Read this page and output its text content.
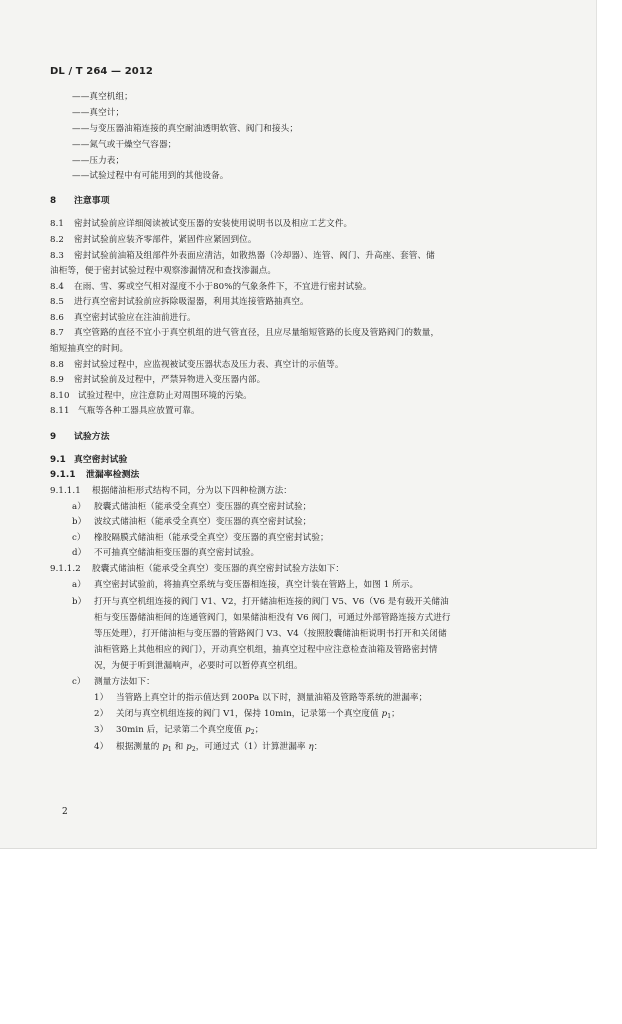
DL / T 264 — 2012
——真空机组；
——真空计；
——与变压器油箱连接的真空耐油透明软管、阀门和接头；
——氮气或干燥空气容器；
——压力表；
——试验过程中有可能用到的其他设备。
8 注意事项
8.1 密封试验前应详细阅读被试变压器的安装使用说明书以及相应工艺文件。
8.2 密封试验前应装齐零部件，紧固件应紧固到位。
8.3 密封试验前油箱及组部件外表面应清洁，如散热器（冷却器）、连管、阀门、升高座、套管、储
油柜等，便于密封试验过程中观察渗漏情况和查找渗漏点。
8.4 在雨、雪、雾或空气相对湿度不小于80%的气象条件下，不宜进行密封试验。
8.5 进行真空密封试验前应拆除吸湿器，利用其连接管路抽真空。
8.6 真空密封试验应在注油前进行。
8.7 真空管路的直径不宜小于真空机组的进气管直径，且应尽量缩短管路的长度及管路阀门的数量，
缩短抽真空的时间。
8.8 密封试验过程中，应监视被试变压器状态及压力表、真空计的示值等。
8.9 密封试验前及过程中，严禁异物进入变压器内部。
8.10 试验过程中，应注意防止对周围环境的污染。
8.11 气瓶等各种工器具应放置可靠。
9 试验方法
9.1 真空密封试验
9.1.1 泄漏率检测法
9.1.1.1 根据储油柜形式结构不同，分为以下四种检测方法：
a） 胶囊式储油柜（能承受全真空）变压器的真空密封试验；
b） 波纹式储油柜（能承受全真空）变压器的真空密封试验；
c） 橡胶隔膜式储油柜（能承受全真空）变压器的真空密封试验；
d） 不可抽真空储油柜变压器的真空密封试验。
9.1.1.2 胶囊式储油柜（能承受全真空）变压器的真空密封试验方法如下：
a） 真空密封试验前，将抽真空系统与变压器相连接，真空计装在管路上，如图 1 所示。
b） 打开与真空机组连接的阀门 V1、V2，打开储油柜连接的阀门 V5、V6（V6 是有载开关储油
柜与变压器储油柜间的连通管阀门，如果储油柜没有 V6 阀门，可通过外部管路连接方式进行
等压处理），打开储油柜与变压器的管路阀门 V3、V4（按照胶囊储油柜说明书打开和关闭储
油柜管路上其他相应的阀门），开动真空机组，抽真空过程中应注意检查油箱及管路密封情
况，为便于听到泄漏响声，必要时可以暂停真空机组。
c） 测量方法如下：
1） 当管路上真空计的指示值达到 200Pa 以下时，测量油箱及管路等系统的泄漏率；
2） 关闭与真空机组连接的阀门 V1，保持 10min，记录第一个真空度值 $p_1$；
3） 30min 后，记录第二个真空度值 $p_2$；
4） 根据测量的 $p_1$ 和 $p_2$，可通过式（1）计算泄漏率 η：
2
